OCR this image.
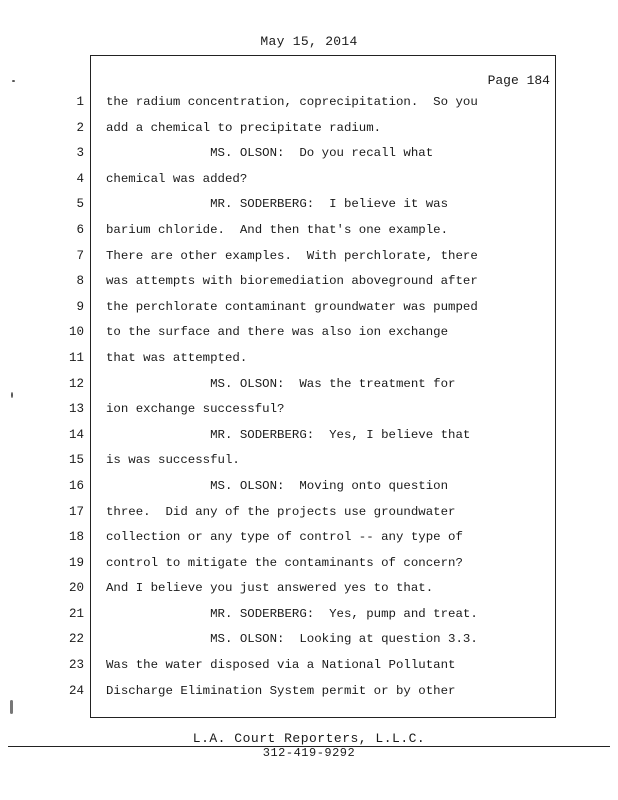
May 15, 2014
Page 184
1
2
3
4
5
6
7
8
9
10
11
12
13
14
15
16
17
18
19
20
21
22
23
24
the radium concentration, coprecipitation.  So you
add a chemical to precipitate radium.
MS. OLSON:  Do you recall what
chemical was added?
MR. SODERBERG:  I believe it was
barium chloride.  And then that's one example.
There are other examples.  With perchlorate, there
was attempts with bioremediation aboveground after
the perchlorate contaminant groundwater was pumped
to the surface and there was also ion exchange
that was attempted.
MS. OLSON:  Was the treatment for
ion exchange successful?
MR. SODERBERG:  Yes, I believe that
is was successful.
MS. OLSON:  Moving onto question
three.  Did any of the projects use groundwater
collection or any type of control -- any type of
control to mitigate the contaminants of concern?
And I believe you just answered yes to that.
MR. SODERBERG:  Yes, pump and treat.
MS. OLSON:  Looking at question 3.3.
Was the water disposed via a National Pollutant
Discharge Elimination System permit or by other
L.A. Court Reporters, L.L.C.
312-419-9292
